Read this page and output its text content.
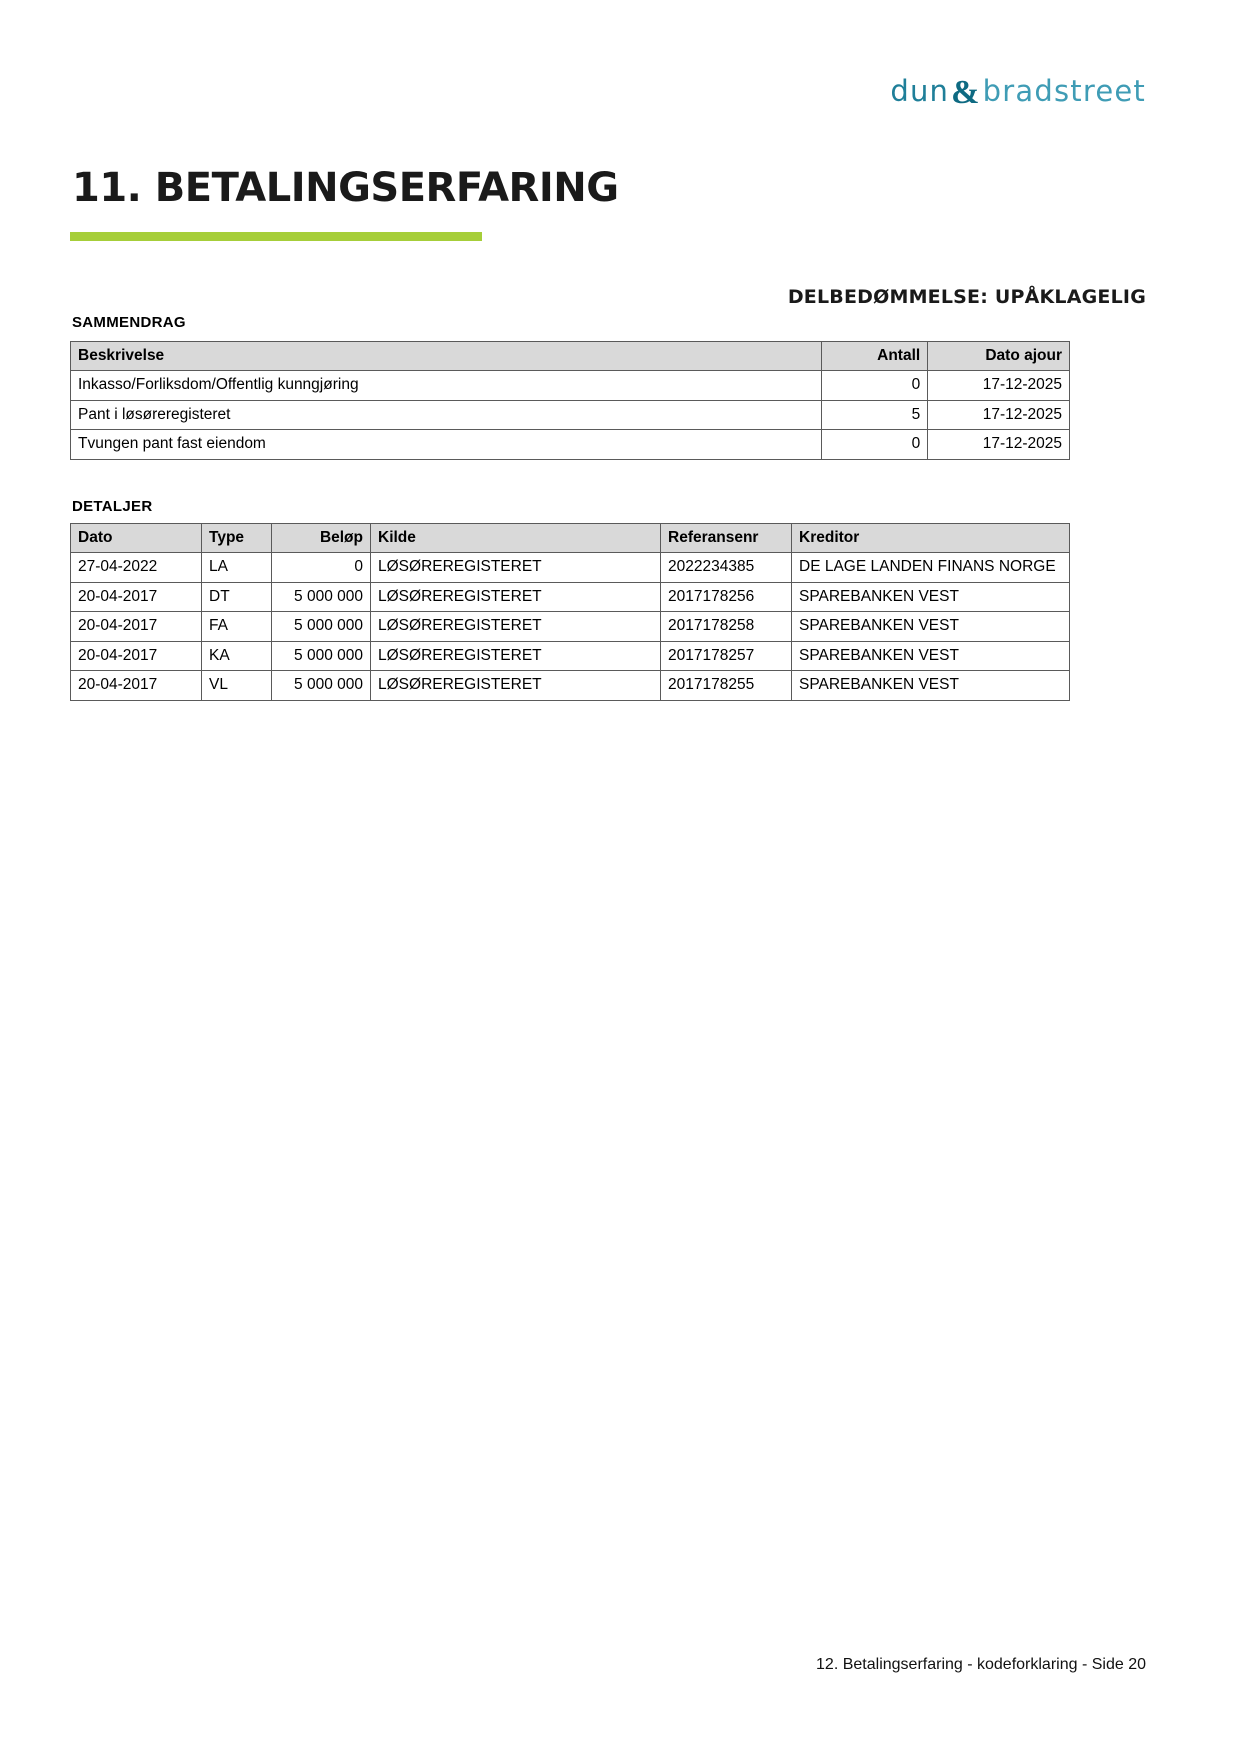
dun & bradstreet
11. BETALINGSERFARING
DELBEDØMMELSE: UPÅKLAGELIG
SAMMENDRAG
Beskrivelse	Antall	Dato ajour
Inkasso/Forliksdom/Offentlig kunngjøring	0	17-12-2025
Pant i løsøreregisteret	5	17-12-2025
Tvungen pant fast eiendom	0	17-12-2025
DETALJER
Dato	Type	Beløp	Kilde	Referansenr	Kreditor
27-04-2022	LA	0	LØSØREREGISTERET	2022234385	DE LAGE LANDEN FINANS NORGE
20-04-2017	DT	5 000 000	LØSØREREGISTERET	2017178256	SPAREBANKEN VEST
20-04-2017	FA	5 000 000	LØSØREREGISTERET	2017178258	SPAREBANKEN VEST
20-04-2017	KA	5 000 000	LØSØREREGISTERET	2017178257	SPAREBANKEN VEST
20-04-2017	VL	5 000 000	LØSØREREGISTERET	2017178255	SPAREBANKEN VEST
12. Betalingserfaring - kodeforklaring - Side 20
